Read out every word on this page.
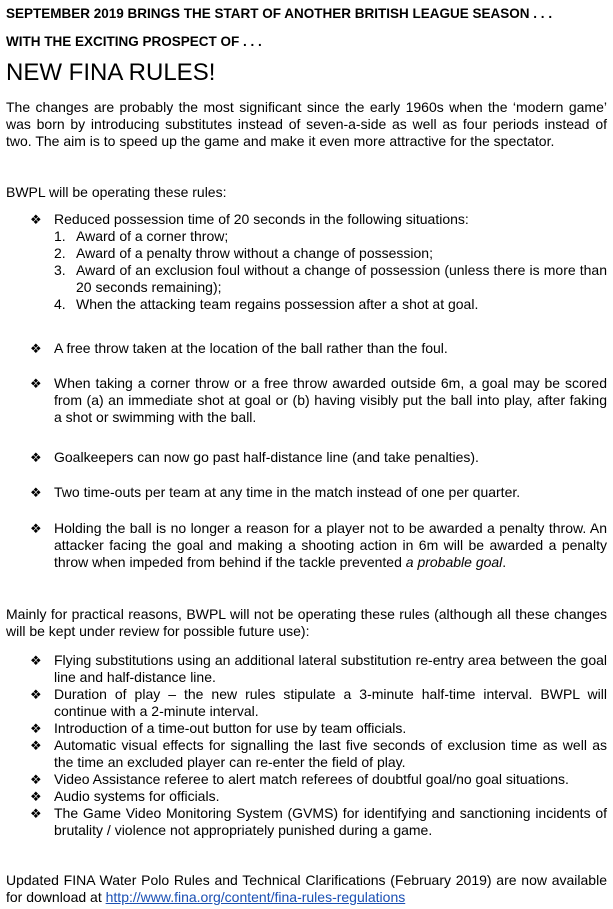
SEPTEMBER 2019 BRINGS THE START OF ANOTHER BRITISH LEAGUE SEASON . . .

WITH THE EXCITING PROSPECT OF . . .

NEW FINA RULES!

The changes are probably the most significant since the early 1960s when the ‘modern game’ was born by introducing substitutes instead of seven-a-side as well as four periods instead of two. The aim is to speed up the game and make it even more attractive for the spectator.

BWPL will be operating these rules:

❖ Reduced possession time of 20 seconds in the following situations:
1. Award of a corner throw;
2. Award of a penalty throw without a change of possession;
3. Award of an exclusion foul without a change of possession (unless there is more than 20 seconds remaining);
4. When the attacking team regains possession after a shot at goal.
❖ A free throw taken at the location of the ball rather than the foul.
❖ When taking a corner throw or a free throw awarded outside 6m, a goal may be scored from (a) an immediate shot at goal or (b) having visibly put the ball into play, after faking a shot or swimming with the ball.
❖ Goalkeepers can now go past half-distance line (and take penalties).
❖ Two time-outs per team at any time in the match instead of one per quarter.
❖ Holding the ball is no longer a reason for a player not to be awarded a penalty throw. An attacker facing the goal and making a shooting action in 6m will be awarded a penalty throw when impeded from behind if the tackle prevented a probable goal.

Mainly for practical reasons, BWPL will not be operating these rules (although all these changes will be kept under review for possible future use):

❖ Flying substitutions using an additional lateral substitution re-entry area between the goal line and half-distance line.
❖ Duration of play – the new rules stipulate a 3-minute half-time interval. BWPL will continue with a 2-minute interval.
❖ Introduction of a time-out button for use by team officials.
❖ Automatic visual effects for signalling the last five seconds of exclusion time as well as the time an excluded player can re-enter the field of play.
❖ Video Assistance referee to alert match referees of doubtful goal/no goal situations.
❖ Audio systems for officials.
❖ The Game Video Monitoring System (GVMS) for identifying and sanctioning incidents of brutality / violence not appropriately punished during a game.

Updated FINA Water Polo Rules and Technical Clarifications (February 2019) are now available for download at http://www.fina.org/content/fina-rules-regulations
